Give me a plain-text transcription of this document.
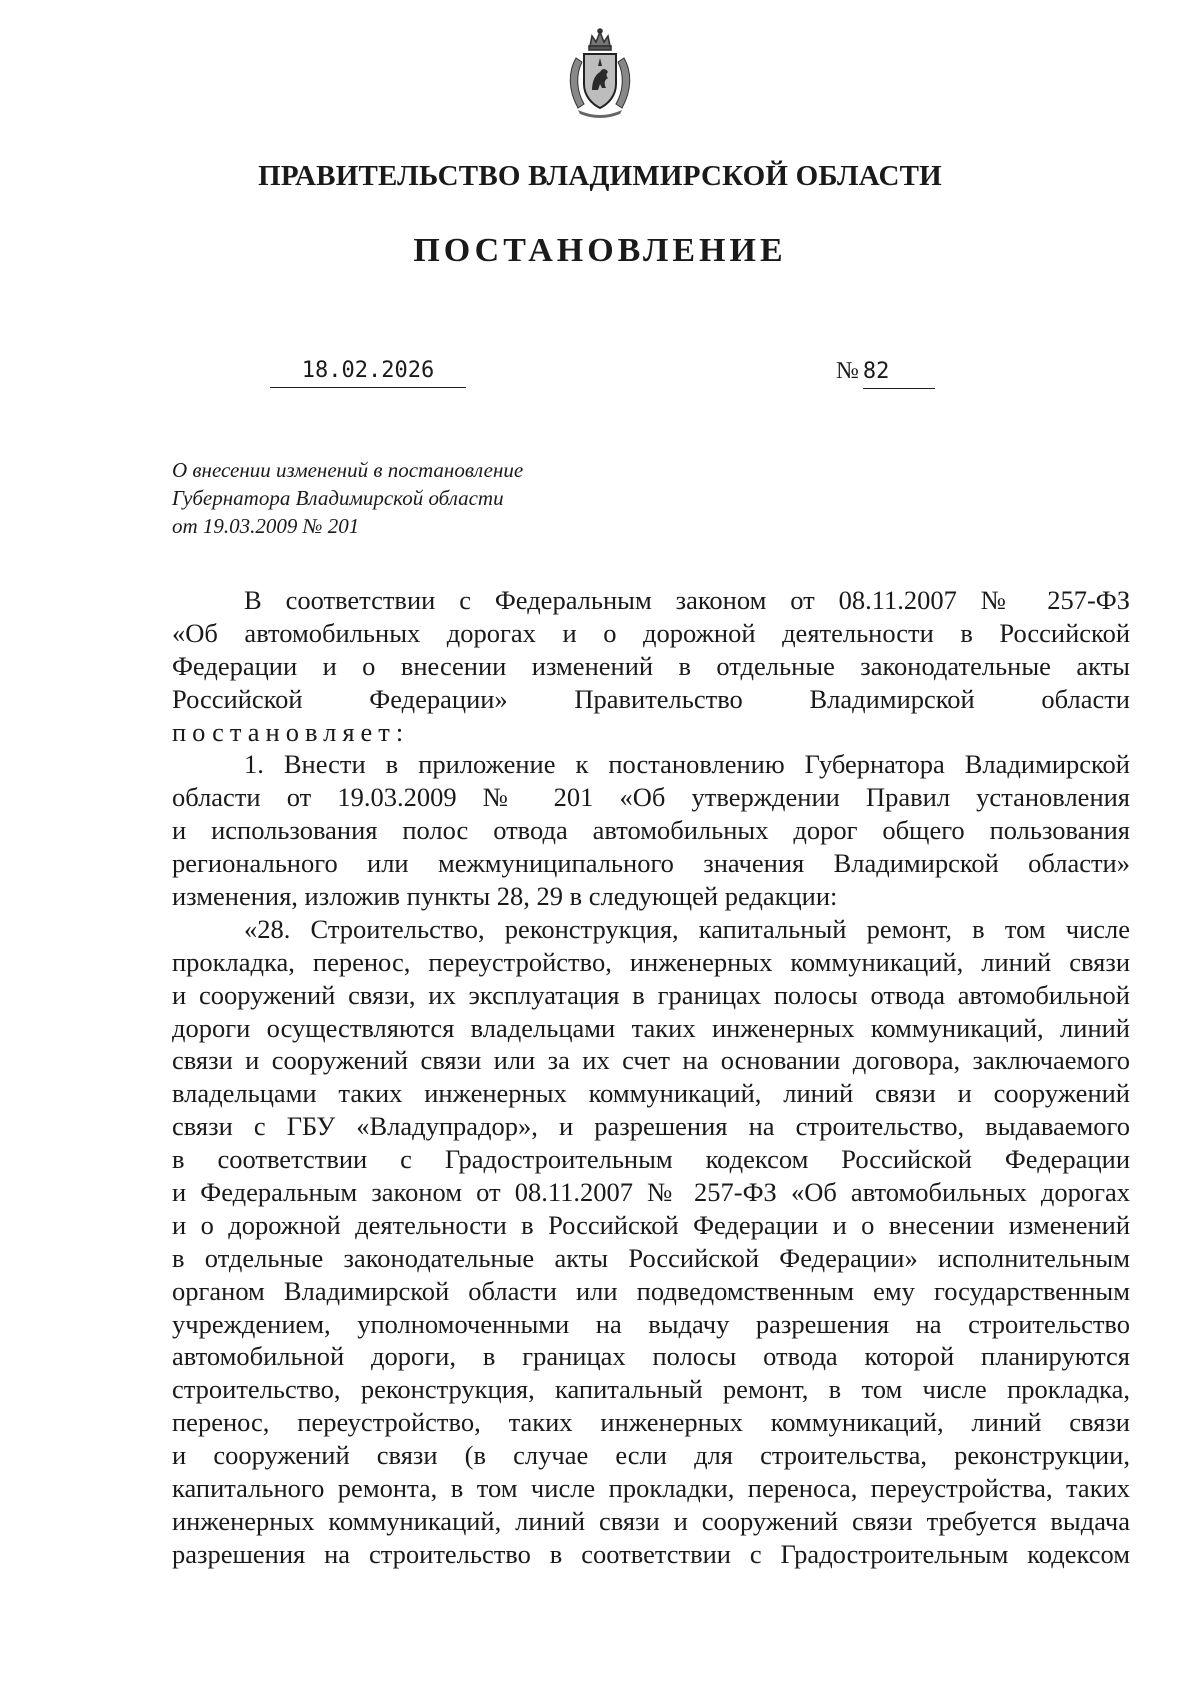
ПРАВИТЕЛЬСТВО ВЛАДИМИРСКОЙ ОБЛАСТИ
ПОСТАНОВЛЕНИЕ
18.02.2026	№ 82
О внесении изменений в постановление
Губернатора Владимирской области
от 19.03.2009 № 201
В соответствии с Федеральным законом от 08.11.2007 № 257-ФЗ
«Об автомобильных дорогах и о дорожной деятельности в Российской
Федерации и о внесении изменений в отдельные законодательные акты
Российской Федерации» Правительство Владимирской области
постановляет:
1. Внести в приложение к постановлению Губернатора Владимирской
области от 19.03.2009 № 201 «Об утверждении Правил установления
и использования полос отвода автомобильных дорог общего пользования
регионального или межмуниципального значения Владимирской области»
изменения, изложив пункты 28, 29 в следующей редакции:
«28. Строительство, реконструкция, капитальный ремонт, в том числе
прокладка, перенос, переустройство, инженерных коммуникаций, линий связи
и сооружений связи, их эксплуатация в границах полосы отвода автомобильной
дороги осуществляются владельцами таких инженерных коммуникаций, линий
связи и сооружений связи или за их счет на основании договора, заключаемого
владельцами таких инженерных коммуникаций, линий связи и сооружений
связи с ГБУ «Владупрадор», и разрешения на строительство, выдаваемого
в соответствии с Градостроительным кодексом Российской Федерации
и Федеральным законом от 08.11.2007 № 257-ФЗ «Об автомобильных дорогах
и о дорожной деятельности в Российской Федерации и о внесении изменений
в отдельные законодательные акты Российской Федерации» исполнительным
органом Владимирской области или подведомственным ему государственным
учреждением, уполномоченными на выдачу разрешения на строительство
автомобильной дороги, в границах полосы отвода которой планируются
строительство, реконструкция, капитальный ремонт, в том числе прокладка,
перенос, переустройство, таких инженерных коммуникаций, линий связи
и сооружений связи (в случае если для строительства, реконструкции,
капитального ремонта, в том числе прокладки, переноса, переустройства, таких
инженерных коммуникаций, линий связи и сооружений связи требуется выдача
разрешения на строительство в соответствии с Градостроительным кодексом
